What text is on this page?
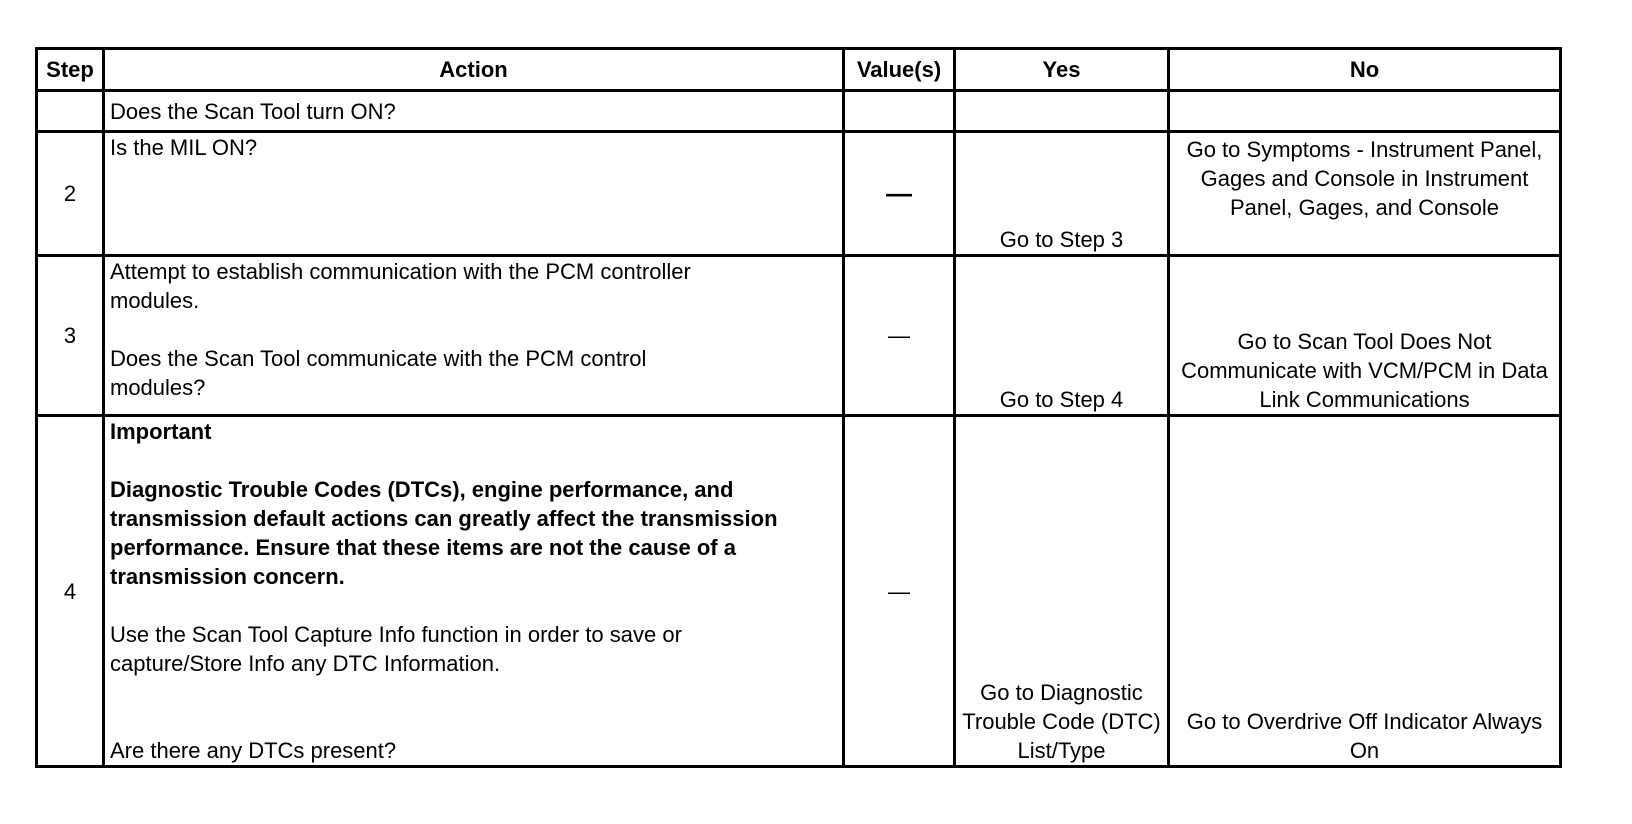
Step	Action	Value(s)	Yes	No

	Does the Scan Tool turn ON?			

2	Is the MIL ON?	—	Go to Step 3	Go to Symptoms - Instrument Panel, Gages and Console in Instrument Panel, Gages, and Console
3	Attempt to establish communication with the PCM controller modules.

Does the Scan Tool communicate with the PCM control modules?	—	Go to Step 4	Go to Scan Tool Does Not Communicate with VCM/PCM in Data Link Communications
4	Important

Diagnostic Trouble Codes (DTCs), engine performance, and transmission default actions can greatly affect the transmission performance. Ensure that these items are not the cause of a transmission concern.

Use the Scan Tool Capture Info function in order to save or capture/Store Info any DTC Information.

Are there any DTCs present?	—	Go to Diagnostic Trouble Code (DTC) List/Type	Go to Overdrive Off Indicator Always On
